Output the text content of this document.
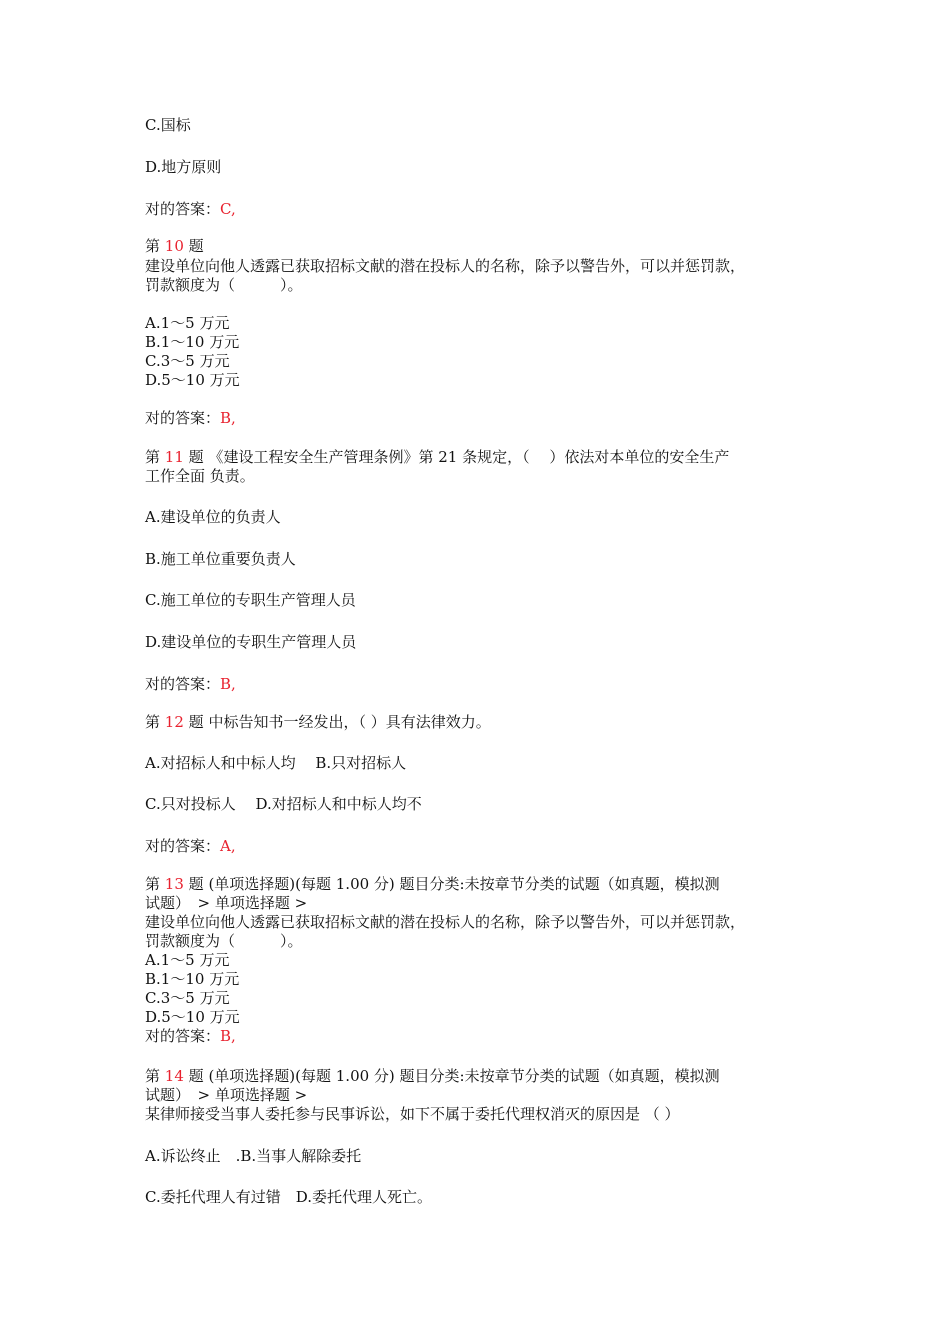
C.国标
D.地方原则
对的答案：C,
第 10 题
建设单位向他人透露已获取招标文献的潜在投标人的名称，除予以警告外，可以并惩罚款，
罚款额度为（　　　）。
A.1～5 万元
B.1～10 万元
C.3～5 万元
D.5～10 万元
对的答案：B,
第 11 题 《建设工程安全生产管理条例》第 21 条规定，（　 ）依法对本单位的安全生产
工作全面 负责。
A.建设单位的负责人
B.施工单位重要负责人
C.施工单位的专职生产管理人员
D.建设单位的专职生产管理人员
对的答案：B,
第 12 题 中标告知书一经发出，（ ）具有法律效力。
A.对招标人和中标人均　 B.只对招标人
C.只对投标人　 D.对招标人和中标人均不
对的答案：A,
第 13 题 (单项选择题)(每题 1.00 分) 题目分类:未按章节分类的试题（如真题，模拟测
试题）　> 单项选择题 >
建设单位向他人透露已获取招标文献的潜在投标人的名称，除予以警告外，可以并惩罚款，
罚款额度为（　　　）。
A.1～5 万元
B.1～10 万元
C.3～5 万元
D.5～10 万元
对的答案：B,
第 14 题 (单项选择题)(每题 1.00 分) 题目分类:未按章节分类的试题（如真题，模拟测
试题）　> 单项选择题 >
某律师接受当事人委托参与民事诉讼，如下不属于委托代理权消灭的原因是 （ ）
A.诉讼终止　.B.当事人解除委托
C.委托代理人有过错　D.委托代理人死亡。
